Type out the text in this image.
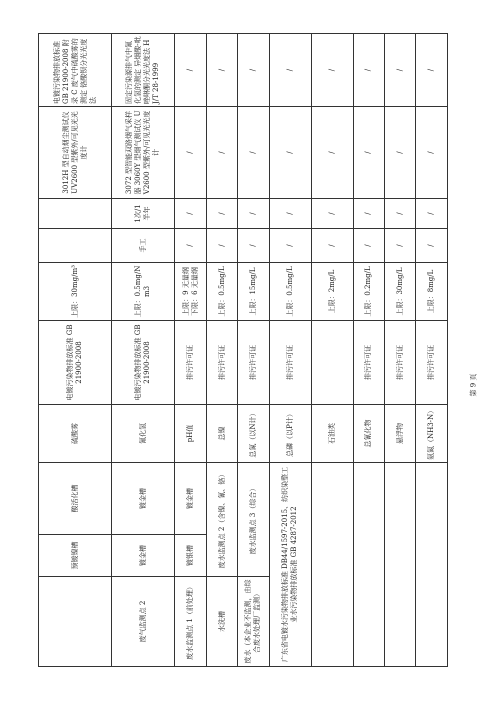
	预镀镍槽	酸活化槽	硫酸雾	电镀污染物排放标准 GB 21900-2008	上限：30mg/m³			3012H 型自动烟尘测试仪 UV2600 型紫外/可见光光度计	电镀污染物排放标准 GB 21900-2008 附录 C 废气中硫酸雾的测定 铬酸钡分光光度法
废气监测点 2	镀金槽	镀金槽	氰化氢	电镀污染物排放标准 GB 21900-2008	上限：0.5mg/Nm3	手工	1次/1半年	3072 型智能双路烟气采样器 3060Y 型烟气测试仪 UV2600 型紫外/可见光光度计	固定污染源排气中氰化氢的测定 异烟酸-吡唑啉酮分光光度法 HJ/T 28-1999
废水监测点 1（前处理）	镀银槽	镀金槽	pH值	排污许可证	上限：9 无量纲 下限：6 无量纲	/	/	/	/
水洗槽	废水监测点 2（含镍、氰、铬）		总镍	排污许可证	上限：0.5mg/L	/	/	/	/
废水（本企业不监测，由综合废水处理厂监测）	废水监测点 3（综合）		总氮（以N计）	排污许可证	上限：15mg/L	/	/	/	/
广东省电镀水污染物排放标准 DB44/1597-2015、纺织染整工业水污染物排放标准 GB 4287-2012			总磷（以P计）	排污许可证	上限：0.5mg/L	/	/	/	/
			石油类		上限：2mg/L	/	/	/	/
			总氰化物	排污许可证	上限：0.2mg/L	/	/	/	/
			悬浮物	排污许可证	上限：30mg/L	/	/	/	/
			氨氮（NH3-N）	排污许可证	上限：8mg/L	/	/	/	/
第 9 页
